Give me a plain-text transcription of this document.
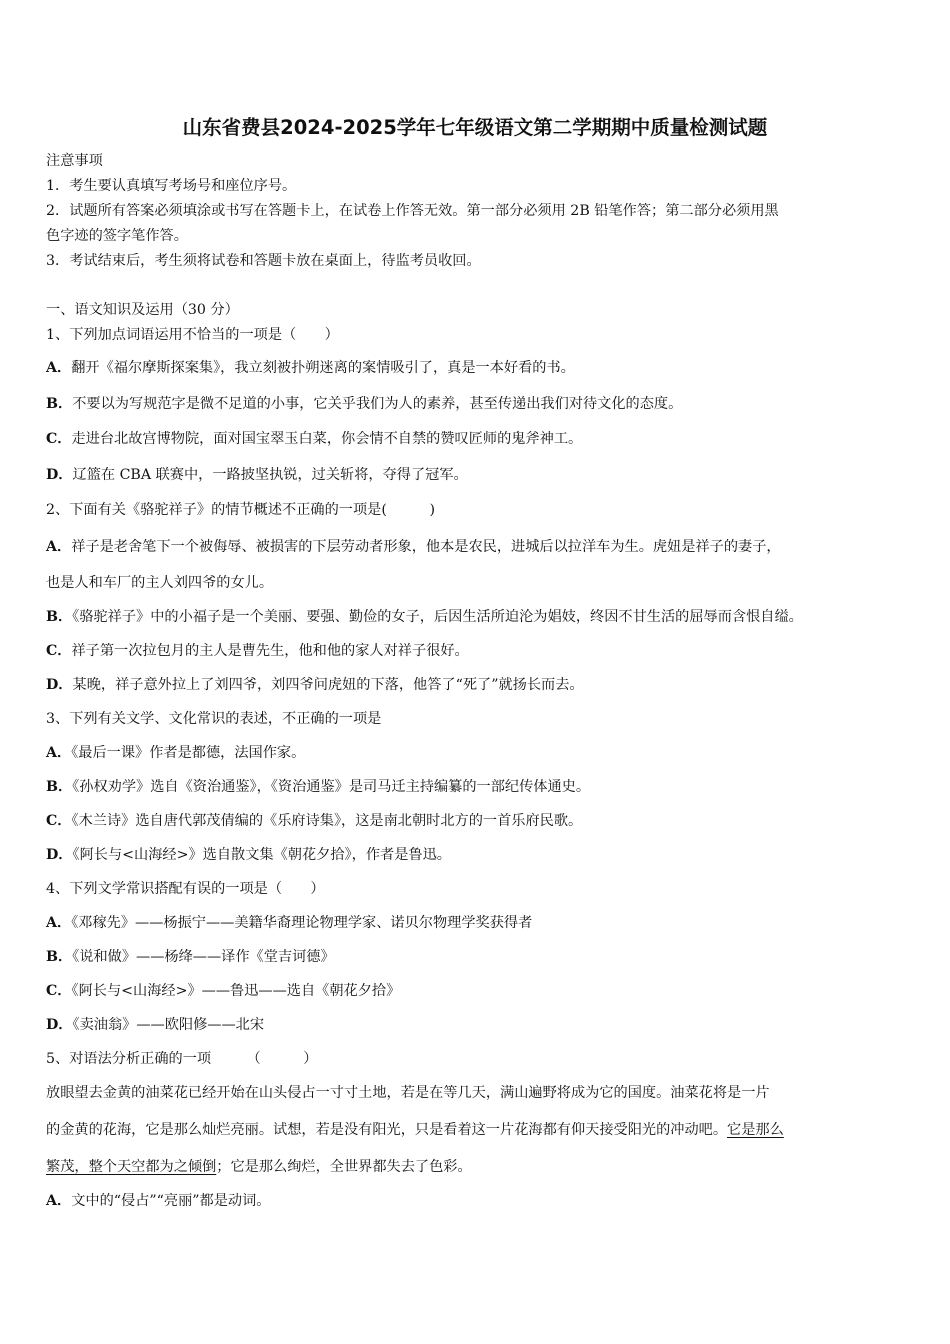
山东省费县2024-2025学年七年级语文第二学期期中质量检测试题
注意事项
1．考生要认真填写考场号和座位序号。
2．试题所有答案必须填涂或书写在答题卡上，在试卷上作答无效。第一部分必须用 2B 铅笔作答；第二部分必须用黑
色字迹的签字笔作答。
3．考试结束后，考生须将试卷和答题卡放在桌面上，待监考员收回。
一、语文知识及运用（30 分）
1、下列加点词语运用不恰当的一项是（　　）
A．翻开《福尔摩斯探案集》，我立刻被扑朔迷离的案情吸引了，真是一本好看的书。
B．不要以为写规范字是微不足道的小事，它关乎我们为人的素养，甚至传递出我们对待文化的态度。
C．走进台北故宫博物院，面对国宝翠玉白菜，你会情不自禁的赞叹匠师的鬼斧神工。
D．辽篮在 CBA 联赛中，一路披坚执锐，过关斩将，夺得了冠军。
2、下面有关《骆驼祥子》的情节概述不正确的一项是(　　　)
A．祥子是老舍笔下一个被侮辱、被损害的下层劳动者形象，他本是农民，进城后以拉洋车为生。虎妞是祥子的妻子，
也是人和车厂的主人刘四爷的女儿。
B．《骆驼祥子》中的小福子是一个美丽、要强、勤俭的女子，后因生活所迫沦为娼妓，终因不甘生活的屈辱而含恨自缢。
C．祥子第一次拉包月的主人是曹先生，他和他的家人对祥子很好。
D．某晚，祥子意外拉上了刘四爷，刘四爷问虎妞的下落，他答了“死了”就扬长而去。
3、下列有关文学、文化常识的表述，不正确的一项是
A．《最后一课》作者是都德，法国作家。
B．《孙权劝学》选自《资治通鉴》，《资治通鉴》是司马迁主持编纂的一部纪传体通史。
C．《木兰诗》选自唐代郭茂倩编的《乐府诗集》，这是南北朝时北方的一首乐府民歌。
D．《阿长与<山海经>》选自散文集《朝花夕拾》，作者是鲁迅。
4、下列文学常识搭配有误的一项是（　　）
A．《邓稼先》——杨振宁——美籍华裔理论物理学家、诺贝尔物理学奖获得者
B．《说和做》——杨绛——译作《堂吉诃德》
C．《阿长与<山海经>》——鲁迅——选自《朝花夕拾》
D．《卖油翁》——欧阳修——北宋
5、对语法分析正确的一项　　　（　　　）
放眼望去金黄的油菜花已经开始在山头侵占一寸寸土地，若是在等几天，满山遍野将成为它的国度。油菜花将是一片
的金黄的花海，它是那么灿烂亮丽。试想，若是没有阳光，只是看着这一片花海都有仰天接受阳光的冲动吧。它是那么
繁茂，整个天空都为之倾倒；它是那么绚烂，全世界都失去了色彩。
A．文中的“侵占”“亮丽”都是动词。
